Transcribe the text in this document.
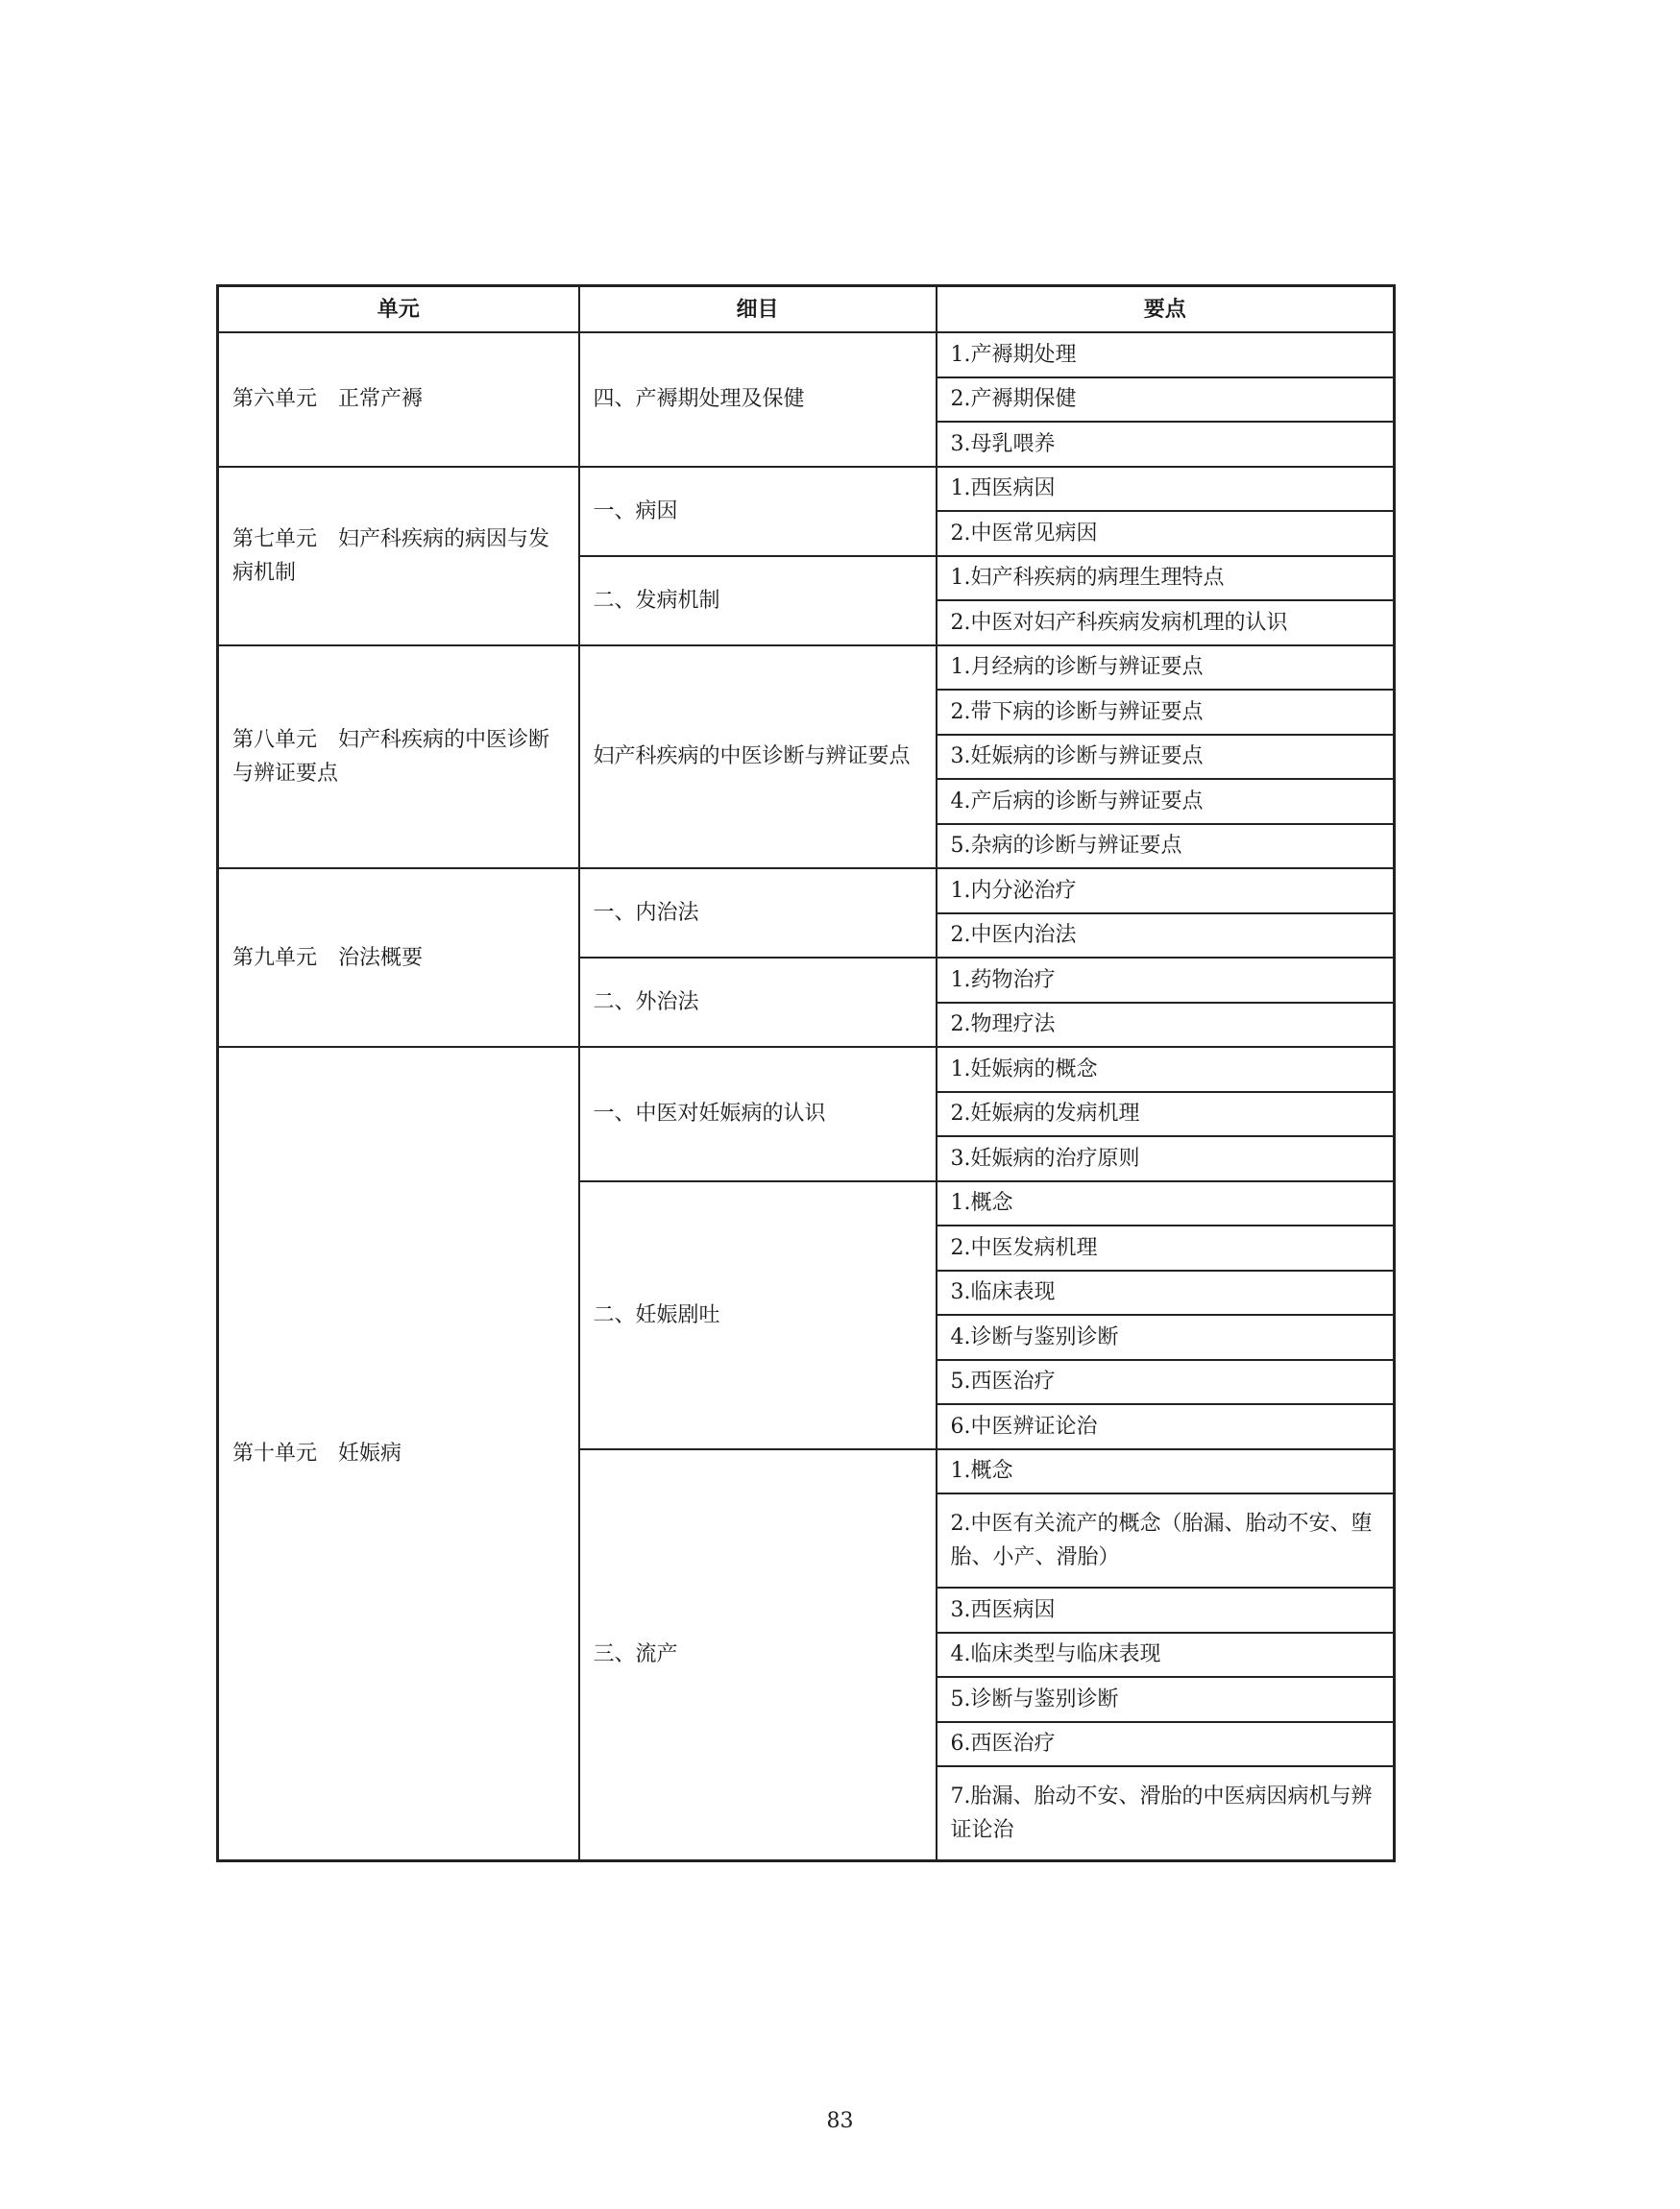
单元	细目	要点
第六单元　正常产褥	四、产褥期处理及保健	1.产褥期处理
		2.产褥期保健
		3.母乳喂养
第七单元　妇产科疾病的病因与发病机制	一、病因	1.西医病因
		2.中医常见病因
	二、发病机制	1.妇产科疾病的病理生理特点
		2.中医对妇产科疾病发病机理的认识
第八单元　妇产科疾病的中医诊断与辨证要点	妇产科疾病的中医诊断与辨证要点	1.月经病的诊断与辨证要点
		2.带下病的诊断与辨证要点
		3.妊娠病的诊断与辨证要点
		4.产后病的诊断与辨证要点
		5.杂病的诊断与辨证要点
第九单元　治法概要	一、内治法	1.内分泌治疗
		2.中医内治法
	二、外治法	1.药物治疗
		2.物理疗法
第十单元　妊娠病	一、中医对妊娠病的认识	1.妊娠病的概念
		2.妊娠病的发病机理
		3.妊娠病的治疗原则
	二、妊娠剧吐	1.概念
		2.中医发病机理
		3.临床表现
		4.诊断与鉴别诊断
		5.西医治疗
		6.中医辨证论治
	三、流产	1.概念
		2.中医有关流产的概念（胎漏、胎动不安、堕胎、小产、滑胎）
		3.西医病因
		4.临床类型与临床表现
		5.诊断与鉴别诊断
		6.西医治疗
		7.胎漏、胎动不安、滑胎的中医病因病机与辨证论治
83
